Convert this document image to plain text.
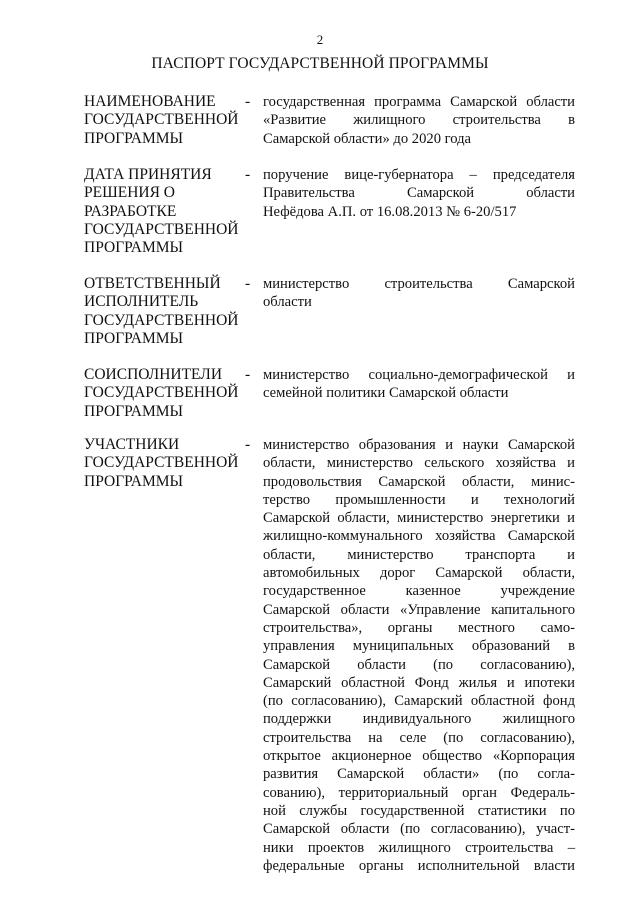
2
ПАСПОРТ ГОСУДАРСТВЕННОЙ ПРОГРАММЫ
НАИМЕНОВАНИЕ
ГОСУДАРСТВЕННОЙ
ПРОГРАММЫ
- государственная программа Самарской области
«Развитие жилищного строительства в
Самарской области» до 2020 года
ДАТА ПРИНЯТИЯ
РЕШЕНИЯ О
РАЗРАБОТКЕ
ГОСУДАРСТВЕННОЙ
ПРОГРАММЫ
- поручение вице-губернатора – председателя
Правительства Самарской области
Нефёдова А.П. от 16.08.2013 № 6-20/517
ОТВЕТСТВЕННЫЙ
ИСПОЛНИТЕЛЬ
ГОСУДАРСТВЕННОЙ
ПРОГРАММЫ
- министерство строительства Самарской
области
СОИСПОЛНИТЕЛИ
ГОСУДАРСТВЕННОЙ
ПРОГРАММЫ
- министерство социально-демографической и
семейной политики Самарской области
УЧАСТНИКИ
ГОСУДАРСТВЕННОЙ
ПРОГРАММЫ
- министерство образования и науки Самарской
области, министерство сельского хозяйства и
продовольствия Самарской области, минис-
терство промышленности и технологий
Самарской области, министерство энергетики и
жилищно-коммунального хозяйства Самарской
области, министерство транспорта и
автомобильных дорог Самарской области,
государственное казенное учреждение
Самарской области «Управление капитального
строительства», органы местного само-
управления муниципальных образований в
Самарской области (по согласованию),
Самарский областной Фонд жилья и ипотеки
(по согласованию), Самарский областной фонд
поддержки индивидуального жилищного
строительства на селе (по согласованию),
открытое акционерное общество «Корпорация
развития Самарской области» (по согла-
сованию), территориальный орган Федераль-
ной службы государственной статистики по
Самарской области (по согласованию), участ-
ники проектов жилищного строительства –
федеральные органы исполнительной власти
